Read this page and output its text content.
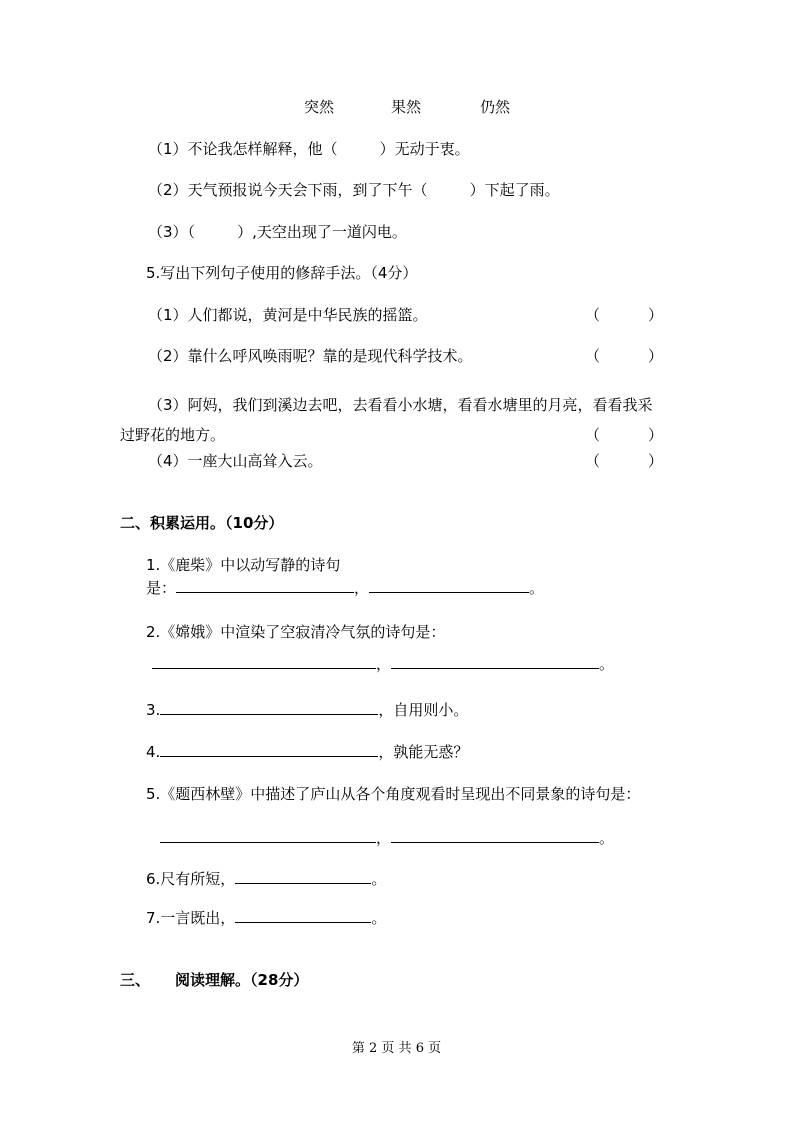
突然	果然	仍然
（1）不论我怎样解释，他（	）无动于衷。
（2）天气预报说今天会下雨，到了下午（	）下起了雨。
（3）（	）,天空出现了一道闪电。
5.写出下列句子使用的修辞手法。（4分）
（1）人们都说，黄河是中华民族的摇篮。	（	）
（2）靠什么呼风唤雨呢？靠的是现代科学技术。	（	）
（3）阿妈，我们到溪边去吧，去看看小水塘，看看水塘里的月亮，看看我采
过野花的地方。	（	）
（4）一座大山高耸入云。	（	）
二、积累运用。（10分）
1.《鹿柴》中以动写静的诗句
是：	，	。
2.《嫦娥》中渲染了空寂清冷气氛的诗句是：
，	。
3.	，自用则小。
4.	，孰能无惑？
5.《题西林壁》中描述了庐山从各个角度观看时呈现出不同景象的诗句是：
，	。
6.尺有所短，	。
7.一言既出，	。
三、 阅读理解。（28分）
第 2 页 共 6 页
